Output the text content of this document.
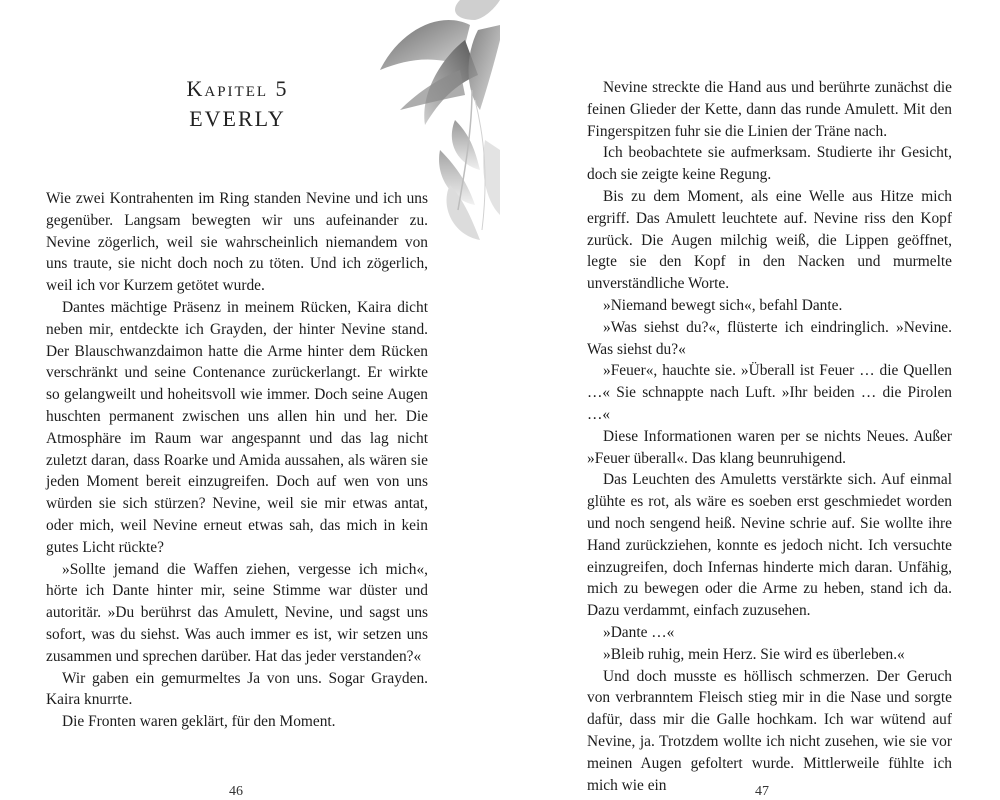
Kapitel 5
EVERLY

Wie zwei Kontrahenten im Ring standen Nevine und ich uns gegenüber. Langsam bewegten wir uns aufeinander zu. Nevine zögerlich, weil sie wahrscheinlich niemandem von uns traute, sie nicht doch noch zu töten. Und ich zögerlich, weil ich vor Kurzem getötet wurde.

Dantes mächtige Präsenz in meinem Rücken, Kaira dicht neben mir, entdeckte ich Grayden, der hinter Nevine stand. Der Blauschwanzdaimon hatte die Arme hinter dem Rücken verschränkt und seine Contenance zurückerlangt. Er wirkte so gelangweilt und hoheitsvoll wie immer. Doch seine Augen huschten permanent zwischen uns allen hin und her. Die Atmosphäre im Raum war angespannt und das lag nicht zuletzt daran, dass Roarke und Amida aussahen, als wären sie jeden Moment bereit einzugreifen. Doch auf wen von uns würden sie sich stürzen? Nevine, weil sie mir etwas antat, oder mich, weil Nevine erneut etwas sah, das mich in kein gutes Licht rückte?

»Sollte jemand die Waffen ziehen, vergesse ich mich«, hörte ich Dante hinter mir, seine Stimme war düster und autoritär. »Du berührst das Amulett, Nevine, und sagst uns sofort, was du siehst. Was auch immer es ist, wir setzen uns zusammen und sprechen darüber. Hat das jeder verstanden?«

Wir gaben ein gemurmeltes Ja von uns. Sogar Grayden. Kaira knurrte.

Die Fronten waren geklärt, für den Moment.

46

Nevine streckte die Hand aus und berührte zunächst die feinen Glieder der Kette, dann das runde Amulett. Mit den Fingerspitzen fuhr sie die Linien der Träne nach.

Ich beobachtete sie aufmerksam. Studierte ihr Gesicht, doch sie zeigte keine Regung.

Bis zu dem Moment, als eine Welle aus Hitze mich ergriff. Das Amulett leuchtete auf. Nevine riss den Kopf zurück. Die Augen milchig weiß, die Lippen geöffnet, legte sie den Kopf in den Nacken und murmelte unverständliche Worte.

»Niemand bewegt sich«, befahl Dante.

»Was siehst du?«, flüsterte ich eindringlich. »Nevine. Was siehst du?«

»Feuer«, hauchte sie. »Überall ist Feuer … die Quellen …« Sie schnappte nach Luft. »Ihr beiden … die Pirolen …«

Diese Informationen waren per se nichts Neues. Außer »Feuer überall«. Das klang beunruhigend.

Das Leuchten des Amuletts verstärkte sich. Auf einmal glühte es rot, als wäre es soeben erst geschmiedet worden und noch sengend heiß. Nevine schrie auf. Sie wollte ihre Hand zurückziehen, konnte es jedoch nicht. Ich versuchte einzugreifen, doch Infernas hinderte mich daran. Unfähig, mich zu bewegen oder die Arme zu heben, stand ich da. Dazu verdammt, einfach zuzusehen.

»Dante …«

»Bleib ruhig, mein Herz. Sie wird es überleben.«

Und doch musste es höllisch schmerzen. Der Geruch von verbranntem Fleisch stieg mir in die Nase und sorgte dafür, dass mir die Galle hochkam. Ich war wütend auf Nevine, ja. Trotzdem wollte ich nicht zusehen, wie sie vor meinen Augen gefoltert wurde. Mittlerweile fühlte ich mich wie ein	47
